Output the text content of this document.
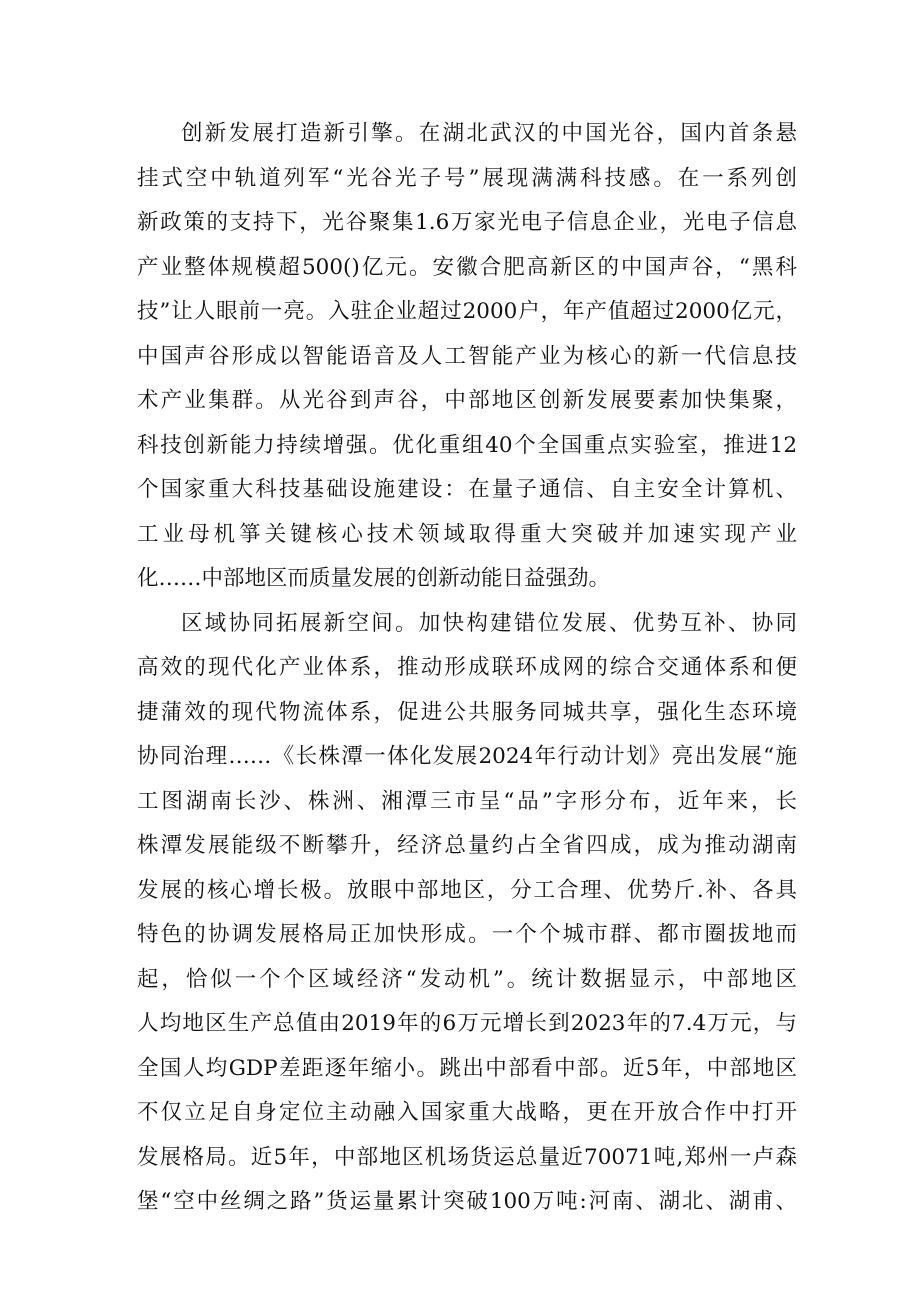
创新发展打造新引擎。在湖北武汉的中国光谷，国内首条悬
挂式空中轨道列军“光谷光子号”展现满满科技感。在一系列创
新政策的支持下，光谷聚集1.6万家光电子信息企业，光电子信息
产业整体规模超500()亿元。安徽合肥高新区的中国声谷，“黑科
技”让人眼前一亮。入驻企业超过2000户，年产值超过2000亿元，
中国声谷形成以智能语音及人工智能产业为核心的新一代信息技
术产业集群。从光谷到声谷，中部地区创新发展要素加快集聚，
科技创新能力持续增强。优化重组40个全国重点实验室，推进12
个国家重大科技基础设施建设：在量子通信、自主安全计算机、
工业母机箏关键核心技术领域取得重大突破并加速实现产业
化……中部地区而质量发展的创新动能日益强劲。
区域协同拓展新空间。加快构建错位发展、优势互补、协同
高效的现代化产业体系，推动形成联环成网的综合交通体系和便
捷蒲效的现代物流体系，促进公共服务同城共享，强化生态环境
协同治理……《长株潭一体化发展2024年行动计划》亮出发展“施
工图湖南长沙、株洲、湘潭三市呈“品”字形分布，近年来，长
株潭发展能级不断攀升，经济总量约占全省四成，成为推动湖南
发展的核心增长极。放眼中部地区，分工合理、优势斤.补、各具
特色的协调发展格局正加快形成。一个个城市群、都市圈拔地而
起，恰似一个个区域经济“发动机”。统计数据显示，中部地区
人均地区生产总值由2019年的6万元增长到2023年的7.4万元，与
全国人均GDP差距逐年缩小。跳出中部看中部。近5年，中部地区
不仅立足自身定位主动融入国家重大战略，更在开放合作中打开
发展格局。近5年，中部地区机场货运总量近70071吨,郑州一卢森
堡“空中丝绸之路”货运量累计突破100万吨:河南、湖北、湖甫、
